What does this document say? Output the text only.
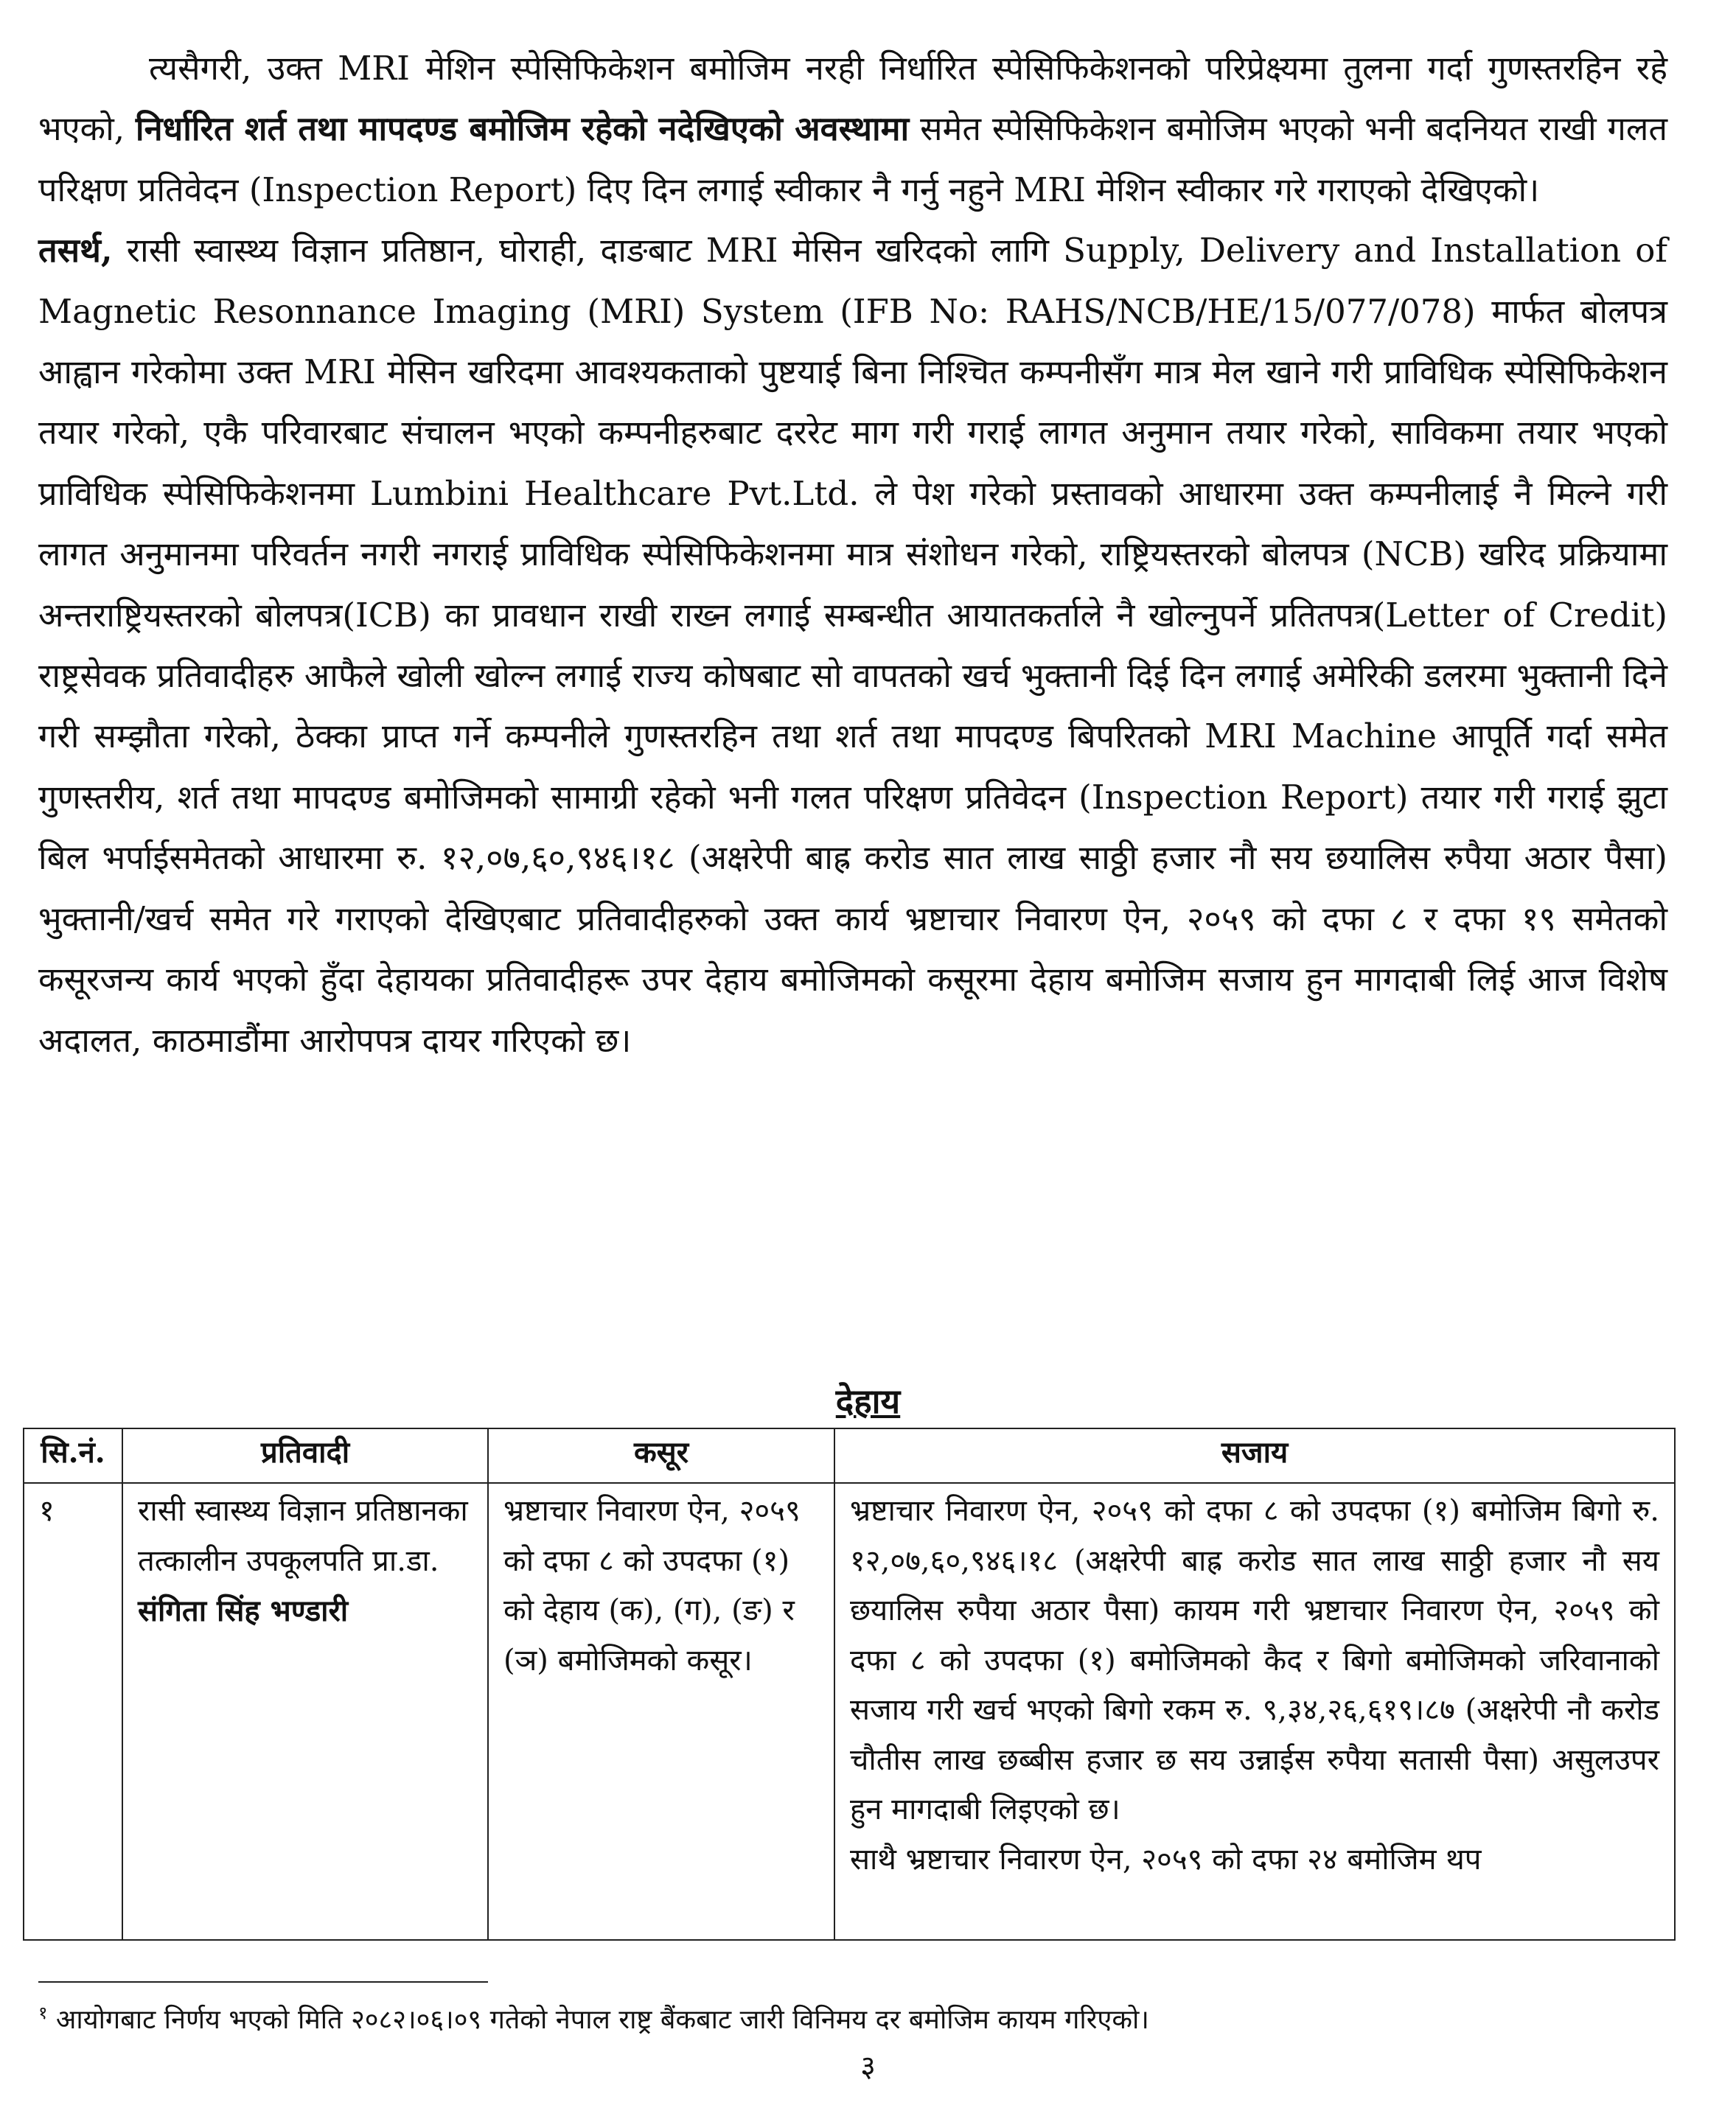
त्यसैगरी, उक्त MRI मेशिन स्पेसिफिकेशन बमोजिम नरही निर्धारित स्पेसिफिकेशनको परिप्रेक्ष्यमा तुलना गर्दा गुणस्तरहिन रहे भएको, निर्धारित शर्त तथा मापदण्ड बमोजिम रहेको नदेखिएको अवस्थामा समेत स्पेसिफिकेशन बमोजिम भएको भनी बदनियत राखी गलत परिक्षण प्रतिवेदन (Inspection Report) दिए दिन लगाई स्वीकार नै गर्नु नहुने MRI मेशिन स्वीकार गरे गराएको देखिएको।

तसर्थ, रासी स्वास्थ्य विज्ञान प्रतिष्ठान, घोराही, दाङबाट MRI मेसिन खरिदको लागि Supply, Delivery and Installation of Magnetic Resonnance Imaging (MRI) System (IFB No: RAHS/NCB/HE/15/077/078) मार्फत बोलपत्र आह्वान गरेकोमा उक्त MRI मेसिन खरिदमा आवश्यकताको पुष्टयाई बिना निश्चित कम्पनीसँग मात्र मेल खाने गरी प्राविधिक स्पेसिफिकेशन तयार गरेको, एकै परिवारबाट संचालन भएको कम्पनीहरुबाट दररेट माग गरी गराई लागत अनुमान तयार गरेको, साविकमा तयार भएको प्राविधिक स्पेसिफिकेशनमा Lumbini Healthcare Pvt.Ltd. ले पेश गरेको प्रस्तावको आधारमा उक्त कम्पनीलाई नै मिल्ने गरी लागत अनुमानमा परिवर्तन नगरी नगराई प्राविधिक स्पेसिफिकेशनमा मात्र संशोधन गरेको, राष्ट्रियस्तरको बोलपत्र (NCB) खरिद प्रक्रियामा अन्तराष्ट्रियस्तरको बोलपत्र(ICB) का प्रावधान राखी राख्न लगाई सम्बन्धीत आयातकर्ताले नै खोल्नुपर्ने प्रतितपत्र(Letter of Credit) राष्ट्रसेवक प्रतिवादीहरु आफैले खोली खोल्न लगाई राज्य कोषबाट सो वापतको खर्च भुक्तानी दिई दिन लगाई अमेरिकी डलरमा भुक्तानी दिने गरी सम्झौता गरेको, ठेक्का प्राप्त गर्ने कम्पनीले गुणस्तरहिन तथा शर्त तथा मापदण्ड बिपरितको MRI Machine आपूर्ति गर्दा समेत गुणस्तरीय, शर्त तथा मापदण्ड बमोजिमको सामाग्री रहेको भनी गलत परिक्षण प्रतिवेदन (Inspection Report) तयार गरी गराई झुटा बिल भर्पाईसमेतको आधारमा रु. १२,०७,६०,९४६।१८ (अक्षरेपी बाह्र करोड सात लाख साठ्ठी हजार नौ सय छयालिस रुपैया अठार पैसा) भुक्तानी/खर्च समेत गरे गराएको देखिएबाट प्रतिवादीहरुको उक्त कार्य भ्रष्टाचार निवारण ऐन, २०५९ को दफा ८ र दफा १९ समेतको कसूरजन्य कार्य भएको हुँदा देहायका प्रतिवादीहरू उपर देहाय बमोजिमको कसूरमा देहाय बमोजिम सजाय हुन मागदाबी लिई आज विशेष अदालत, काठमाडौंमा आरोपपत्र दायर गरिएको छ।

देहाय

सि.नं.	प्रतिवादी	कसूर	सजाय
१	रासी स्वास्थ्य विज्ञान प्रतिष्ठानका तत्कालीन उपकूलपति प्रा.डा. संगिता सिंह भण्डारी	भ्रष्टाचार निवारण ऐन, २०५९ को दफा ८ को उपदफा (१) को देहाय (क), (ग), (ङ) र (ञ) बमोजिमको कसूर।	भ्रष्टाचार निवारण ऐन, २०५९ को दफा ८ को उपदफा (१) बमोजिम बिगो रु. १२,०७,६०,९४६।१८ (अक्षरेपी बाह्र करोड सात लाख साठ्ठी हजार नौ सय छयालिस रुपैया अठार पैसा) कायम गरी भ्रष्टाचार निवारण ऐन, २०५९ को दफा ८ को उपदफा (१) बमोजिमको कैद र बिगो बमोजिमको जरिवानाको सजाय गरी खर्च भएको बिगो रकम रु. ९,३४,२६,६१९।८७ (अक्षरेपी नौ करोड चौतीस लाख छब्बीस हजार छ सय उन्नाईस रुपैया सतासी पैसा) असुलउपर हुन मागदाबी लिइएको छ।
साथै भ्रष्टाचार निवारण ऐन, २०५९ को दफा २४ बमोजिम थप
$^१$ आयोगबाट निर्णय भएको मिति २०८२।०६।०९ गतेको नेपाल राष्ट्र बैंकबाट जारी विनिमय दर बमोजिम कायम गरिएको।
३
